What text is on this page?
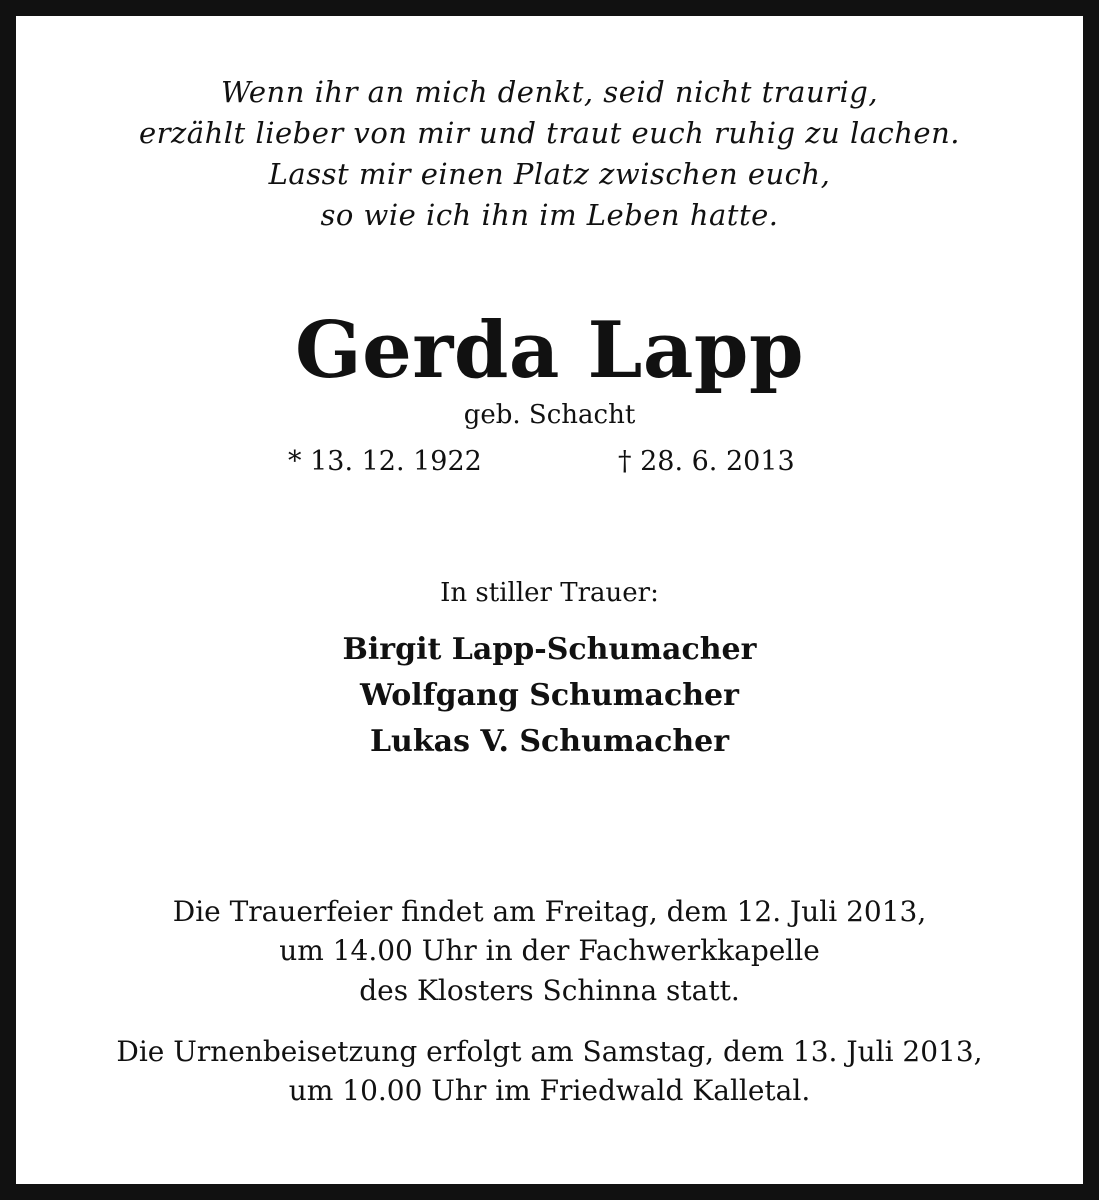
Wenn ihr an mich denkt, seid nicht traurig,

erzählt lieber von mir und traut euch ruhig zu lachen.

Lasst mir einen Platz zwischen euch,

so wie ich ihn im Leben hatte.

Gerda Lapp

geb. Schacht

* 13. 12. 1922	† 28. 6. 2013

In stiller Trauer:

Birgit Lapp-Schumacher

Wolfgang Schumacher

Lukas V. Schumacher

Die Trauerfeier findet am Freitag, dem 12. Juli 2013,

um 14.00 Uhr in der Fachwerkkapelle

des Klosters Schinna statt.

Die Urnenbeisetzung erfolgt am Samstag, dem 13. Juli 2013,

um 10.00 Uhr im Friedwald Kalletal.
